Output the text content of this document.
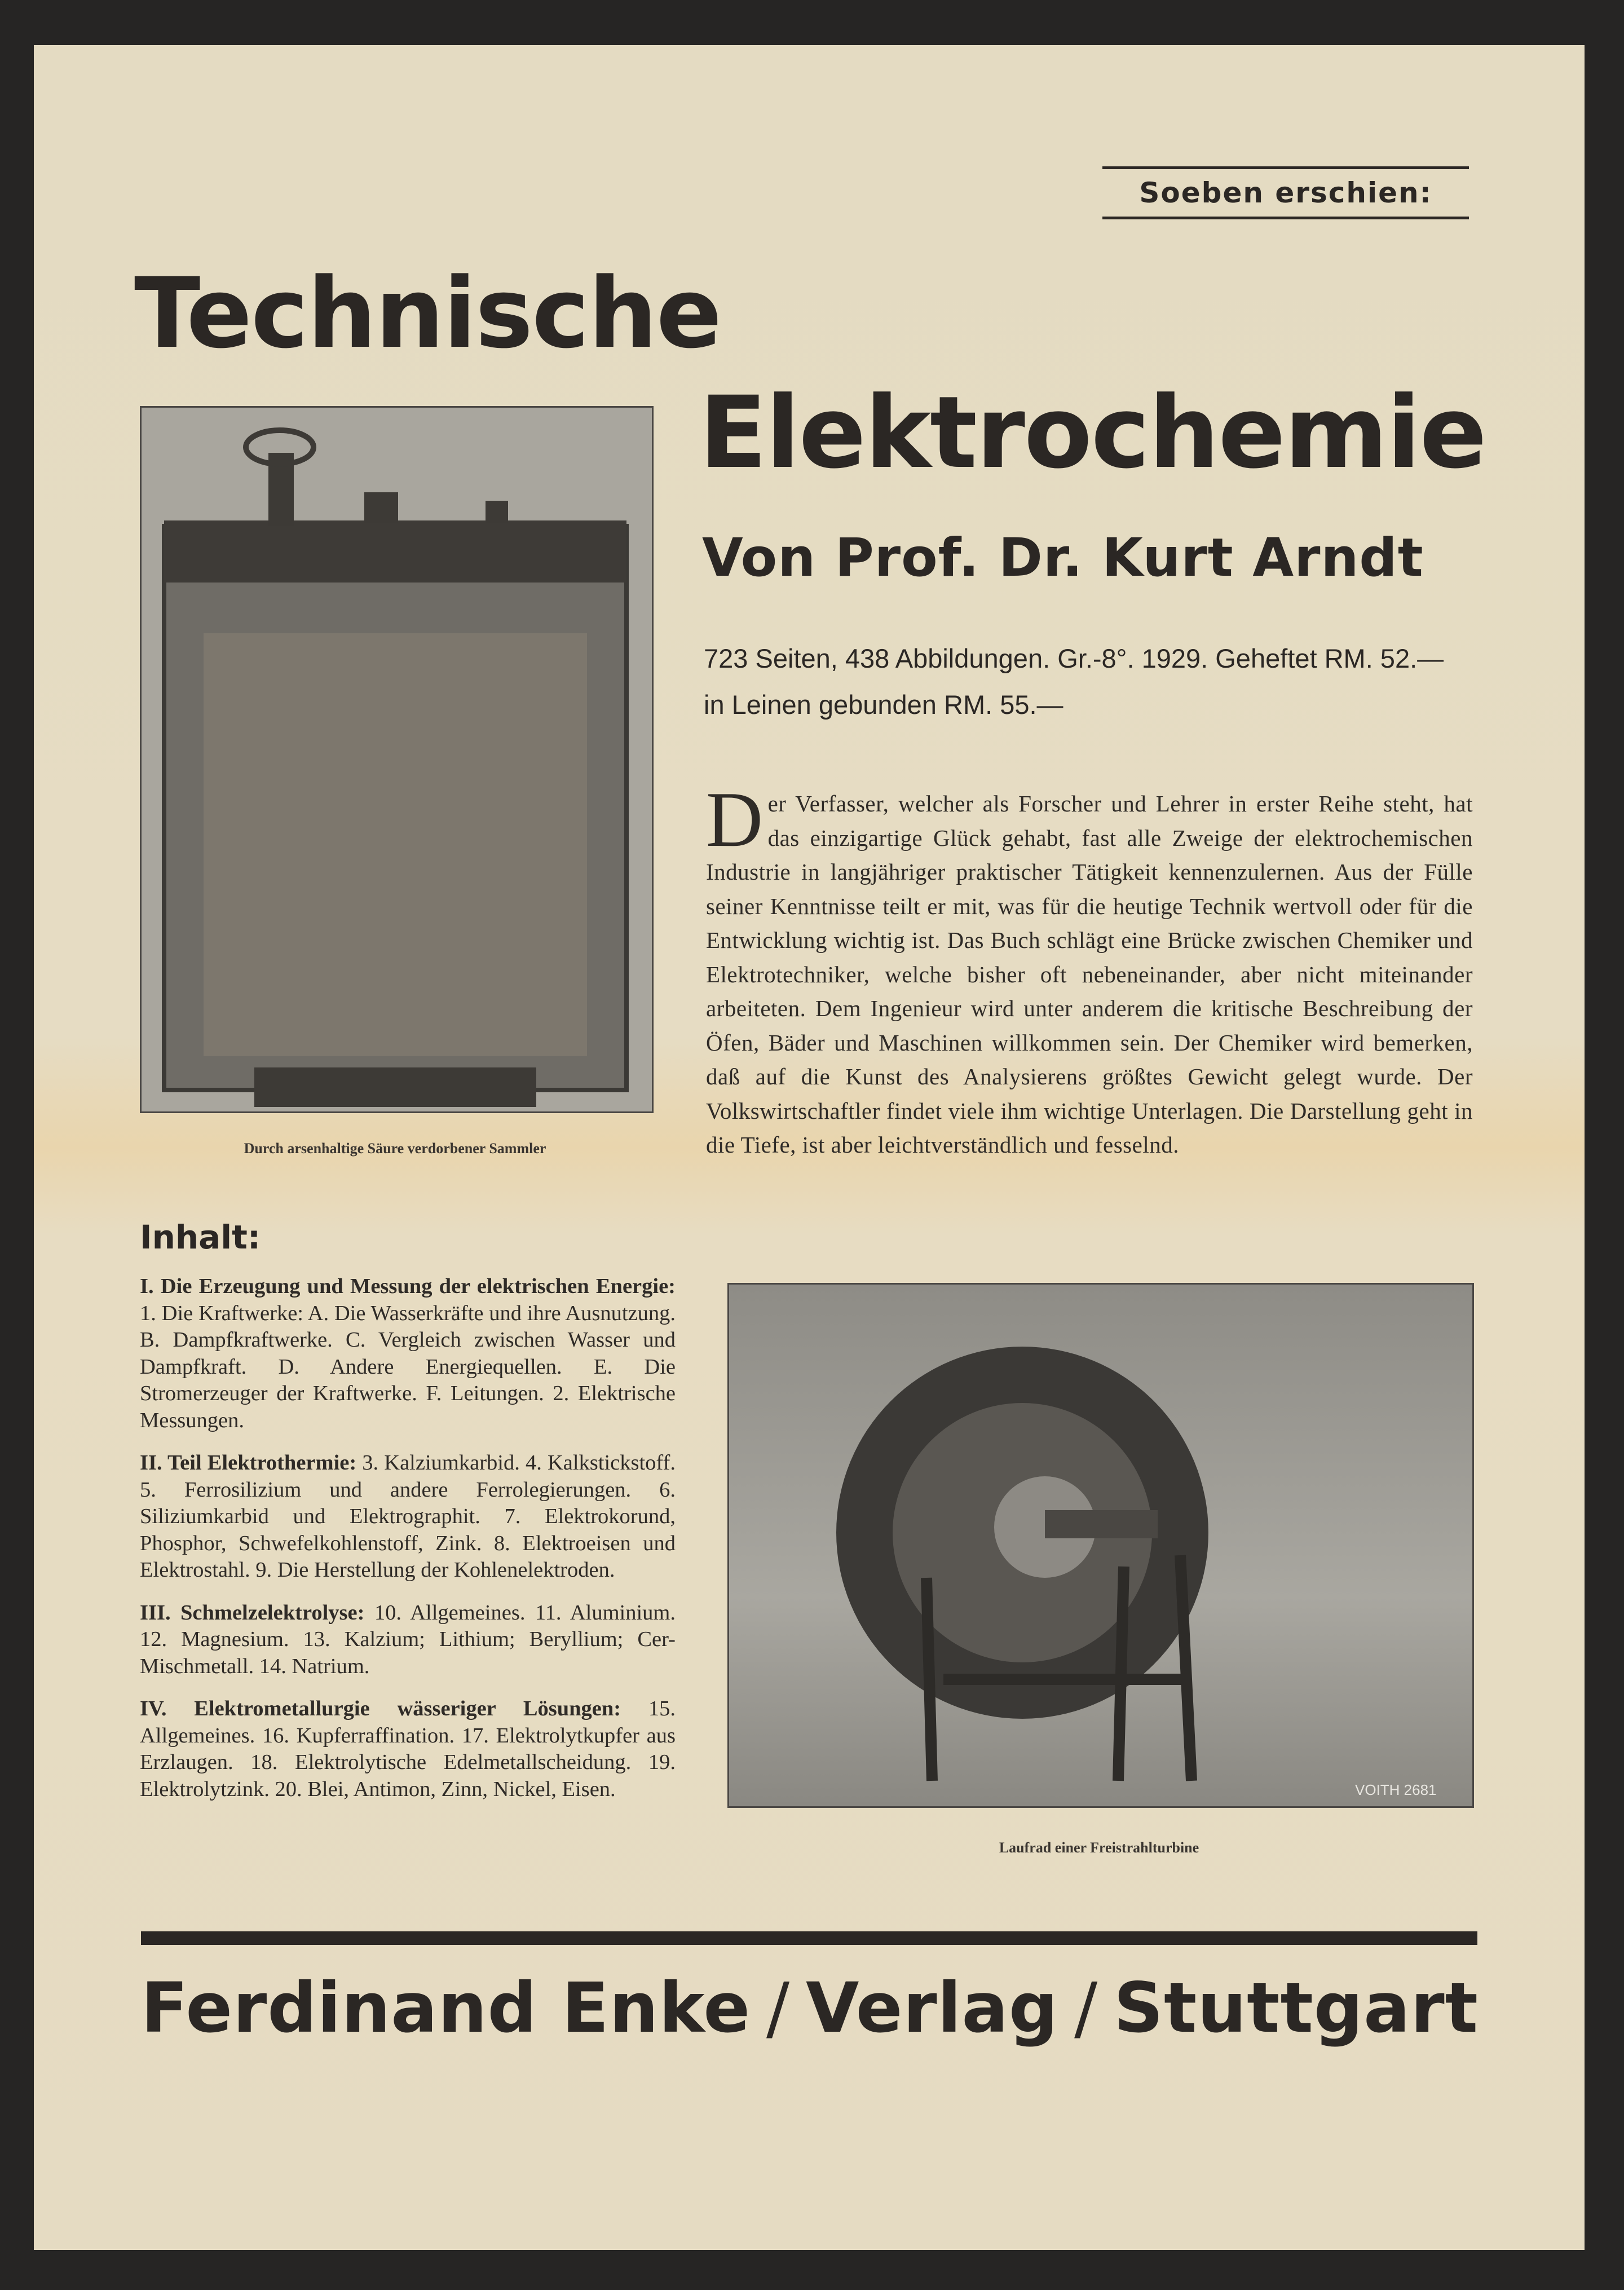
Soeben erschien:
Technische
Elektrochemie
Von Prof. Dr. Kurt Arndt
723 Seiten, 438 Abbildungen. Gr.-8°. 1929. Geheftet RM. 52.—
in Leinen gebunden RM. 55.—
Der Verfasser, welcher als Forscher und Lehrer in erster Reihe steht, hat das einzigartige Glück gehabt, fast alle Zweige der elektrochemischen Industrie in langjähriger praktischer Tätigkeit kennenzulernen. Aus der Fülle seiner Kenntnisse teilt er mit, was für die heutige Technik wertvoll oder für die Entwicklung wichtig ist. Das Buch schlägt eine Brücke zwischen Chemiker und Elektrotechniker, welche bisher oft nebeneinander, aber nicht miteinander arbeiteten. Dem Ingenieur wird unter anderem die kritische Beschreibung der Öfen, Bäder und Maschinen willkommen sein. Der Chemiker wird bemerken, daß auf die Kunst des Analysierens größtes Gewicht gelegt wurde. Der Volkswirtschaftler findet viele ihm wichtige Unterlagen. Die Darstellung geht in die Tiefe, ist aber leichtverständlich und fesselnd.
Durch arsenhaltige Säure verdorbener Sammler
Inhalt:

I. Die Erzeugung und Messung der elektrischen Energie: 1. Die Kraftwerke: A. Die Wasserkräfte und ihre Ausnutzung. B. Dampfkraftwerke. C. Vergleich zwischen Wasser und Dampfkraft. D. Andere Energiequellen. E. Die Stromerzeuger der Kraftwerke. F. Leitungen. 2. Elektrische Messungen.

II. Teil Elektrothermie: 3. Kalziumkarbid. 4. Kalkstickstoff. 5. Ferrosilizium und andere Ferrolegierungen. 6. Siliziumkarbid und Elektrographit. 7. Elektrokorund, Phosphor, Schwefelkohlenstoff, Zink. 8. Elektroeisen und Elektrostahl. 9. Die Herstellung der Kohlenelektroden.

III. Schmelzelektrolyse: 10. Allgemeines. 11. Aluminium. 12. Magnesium. 13. Kalzium; Lithium; Beryllium; Cer-Mischmetall. 14. Natrium.

IV. Elektrometallurgie wässeriger Lösungen: 15. Allgemeines. 16. Kupferraffination. 17. Elektrolytkupfer aus Erzlaugen. 18. Elektrolytische Edelmetallscheidung. 19. Elektrolytzink. 20. Blei, Antimon, Zinn, Nickel, Eisen.	VOITH 2681
Laufrad einer Freistrahlturbine
Ferdinand Enke / Verlag / Stuttgart
